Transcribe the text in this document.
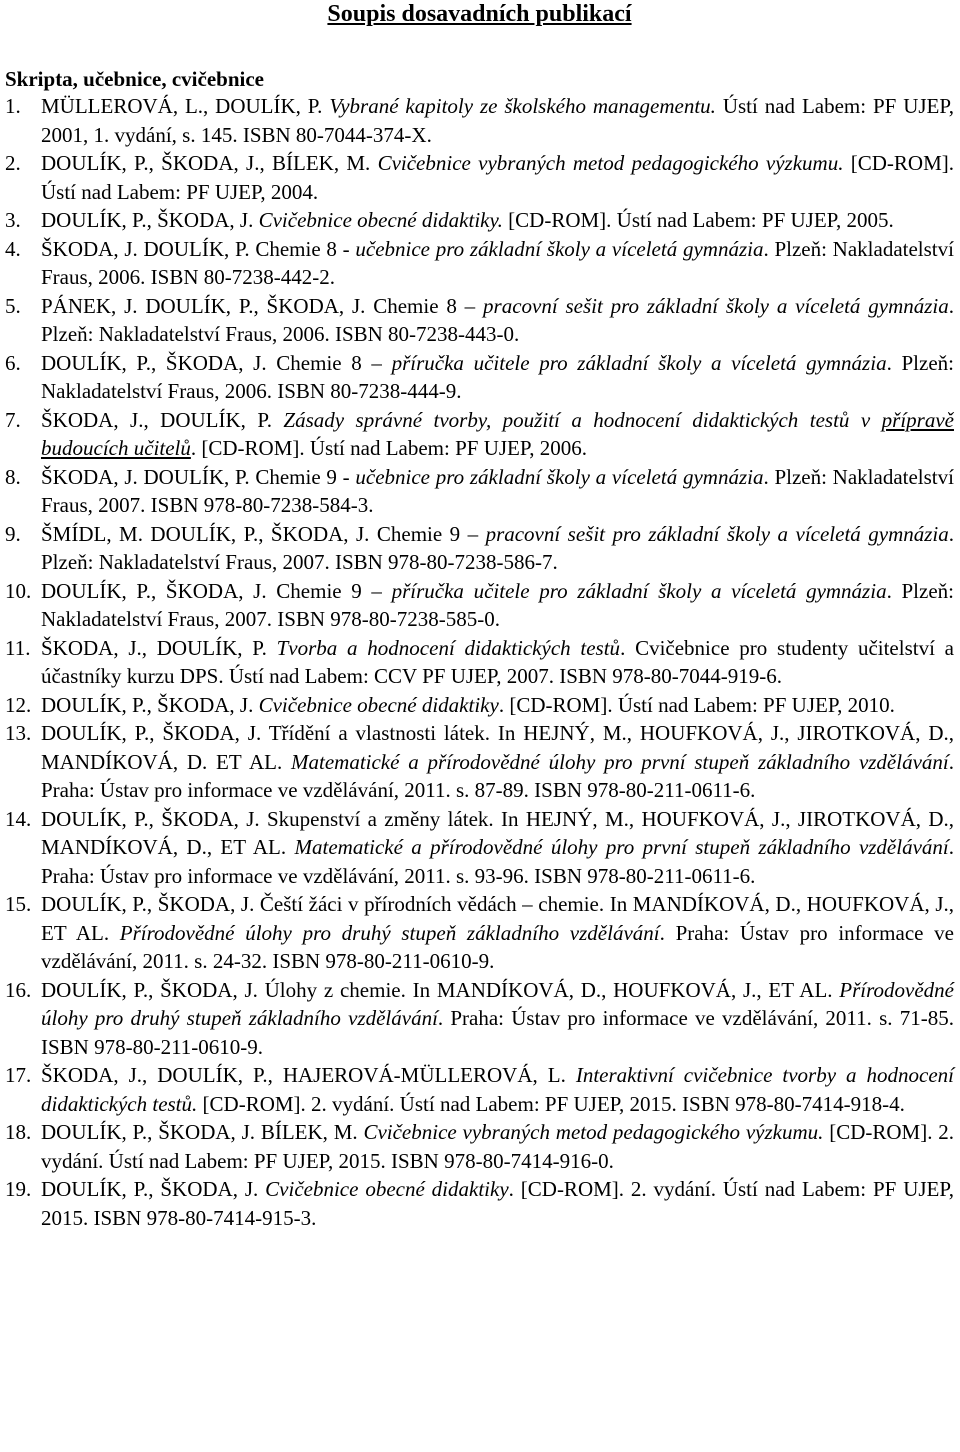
Soupis dosavadních publikací
Skripta, učebnice, cvičebnice
1. MÜLLEROVÁ, L., DOULÍK, P. Vybrané kapitoly ze školského managementu. Ústí nad Labem: PF UJEP, 2001, 1. vydání, s. 145. ISBN 80-7044-374-X.
2. DOULÍK, P., ŠKODA, J., BÍLEK, M. Cvičebnice vybraných metod pedagogického výzkumu. [CD-ROM]. Ústí nad Labem: PF UJEP, 2004.
3. DOULÍK, P., ŠKODA, J. Cvičebnice obecné didaktiky. [CD-ROM]. Ústí nad Labem: PF UJEP, 2005.
4. ŠKODA, J. DOULÍK, P. Chemie 8 - učebnice pro základní školy a víceletá gymnázia. Plzeň: Nakladatelství Fraus, 2006. ISBN 80-7238-442-2.
5. PÁNEK, J. DOULÍK, P., ŠKODA, J. Chemie 8 – pracovní sešit pro základní školy a víceletá gymnázia. Plzeň: Nakladatelství Fraus, 2006. ISBN 80-7238-443-0.
6. DOULÍK, P., ŠKODA, J. Chemie 8 – příručka učitele pro základní školy a víceletá gymnázia. Plzeň: Nakladatelství Fraus, 2006. ISBN 80-7238-444-9.
7. ŠKODA, J., DOULÍK, P. Zásady správné tvorby, použití a hodnocení didaktických testů v přípravě budoucích učitelů. [CD-ROM]. Ústí nad Labem: PF UJEP, 2006.
8. ŠKODA, J. DOULÍK, P. Chemie 9 - učebnice pro základní školy a víceletá gymnázia. Plzeň: Nakladatelství Fraus, 2007. ISBN 978-80-7238-584-3.
9. ŠMÍDL, M. DOULÍK, P., ŠKODA, J. Chemie 9 – pracovní sešit pro základní školy a víceletá gymnázia. Plzeň: Nakladatelství Fraus, 2007. ISBN 978-80-7238-586-7.
10. DOULÍK, P., ŠKODA, J. Chemie 9 – příručka učitele pro základní školy a víceletá gymnázia. Plzeň: Nakladatelství Fraus, 2007. ISBN 978-80-7238-585-0.
11. ŠKODA, J., DOULÍK, P. Tvorba a hodnocení didaktických testů. Cvičebnice pro studenty učitelství a účastníky kurzu DPS. Ústí nad Labem: CCV PF UJEP, 2007. ISBN 978-80-7044-919-6.
12. DOULÍK, P., ŠKODA, J. Cvičebnice obecné didaktiky. [CD-ROM]. Ústí nad Labem: PF UJEP, 2010.
13. DOULÍK, P., ŠKODA, J. Třídění a vlastnosti látek. In HEJNÝ, M., HOUFKOVÁ, J., JIROTKOVÁ, D., MANDÍKOVÁ, D. ET AL. Matematické a přírodovědné úlohy pro první stupeň základního vzdělávání. Praha: Ústav pro informace ve vzdělávání, 2011. s. 87-89. ISBN 978-80-211-0611-6.
14. DOULÍK, P., ŠKODA, J. Skupenství a změny látek. In HEJNÝ, M., HOUFKOVÁ, J., JIROTKOVÁ, D., MANDÍKOVÁ, D., ET AL. Matematické a přírodovědné úlohy pro první stupeň základního vzdělávání. Praha: Ústav pro informace ve vzdělávání, 2011. s. 93-96. ISBN 978-80-211-0611-6.
15. DOULÍK, P., ŠKODA, J. Čeští žáci v přírodních vědách – chemie. In MANDÍKOVÁ, D., HOUFKOVÁ, J., ET AL. Přírodovědné úlohy pro druhý stupeň základního vzdělávání. Praha: Ústav pro informace ve vzdělávání, 2011. s. 24-32. ISBN 978-80-211-0610-9.
16. DOULÍK, P., ŠKODA, J. Úlohy z chemie. In MANDÍKOVÁ, D., HOUFKOVÁ, J., ET AL. Přírodovědné úlohy pro druhý stupeň základního vzdělávání. Praha: Ústav pro informace ve vzdělávání, 2011. s. 71-85. ISBN 978-80-211-0610-9.
17. ŠKODA, J., DOULÍK, P., HAJEROVÁ-MÜLLEROVÁ, L. Interaktivní cvičebnice tvorby a hodnocení didaktických testů. [CD-ROM]. 2. vydání. Ústí nad Labem: PF UJEP, 2015. ISBN 978-80-7414-918-4.
18. DOULÍK, P., ŠKODA, J. BÍLEK, M. Cvičebnice vybraných metod pedagogického výzkumu. [CD-ROM]. 2. vydání. Ústí nad Labem: PF UJEP, 2015. ISBN 978-80-7414-916-0.
19. DOULÍK, P., ŠKODA, J. Cvičebnice obecné didaktiky. [CD-ROM]. 2. vydání. Ústí nad Labem: PF UJEP, 2015. ISBN 978-80-7414-915-3.
